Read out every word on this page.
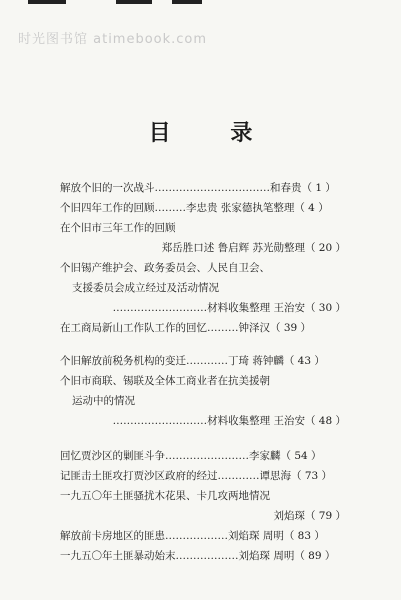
时光图书馆 atimebook.com
目 录
解放个旧的一次战斗……………………………和春贵（ 1 ）
个旧四年工作的回顾………李忠贵 张家德执笔整理（ 4 ）
在个旧市三年工作的回顾
郑岳胜口述 鲁启辉 苏光勋整理（ 20 ）
个旧锡产维护会、政务委员会、人民自卫会、
支援委员会成立经过及活动情况
………………………材料收集整理 王治安（ 30 ）
在工商局新山工作队工作的回忆………钟泽汉（ 39 ）
个旧解放前税务机构的变迁…………丁琦 蒋钟麟（ 43 ）
个旧市商联、锡联及全体工商业者在抗美援朝
运动中的情况
………………………材料收集整理 王治安（ 48 ）
回忆贾沙区的剿匪斗争……………………李家麟（ 54 ）
记匪击土匪攻打贾沙区政府的经过…………谭思海（ 73 ）
一九五〇年土匪骚扰木花果、卡几攻两地情况
刘焰琛（ 79 ）
解放前卡房地区的匪患………………刘焰琛 周明（ 83 ）
一九五〇年土匪暴动始末………………刘焰琛 周明（ 89 ）
